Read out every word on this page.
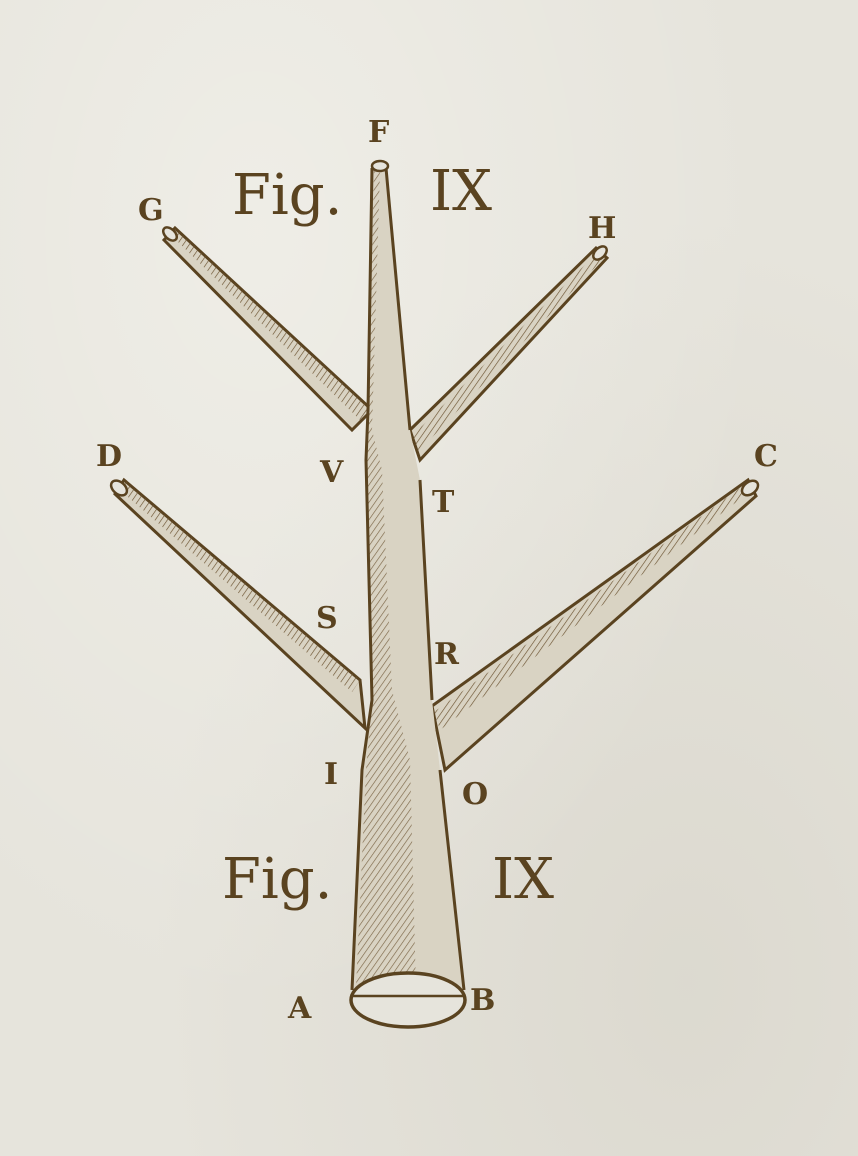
Fig. IX
Fig.	IX
F
G
H
D	C
V
T
S
R
I
O
A	B
